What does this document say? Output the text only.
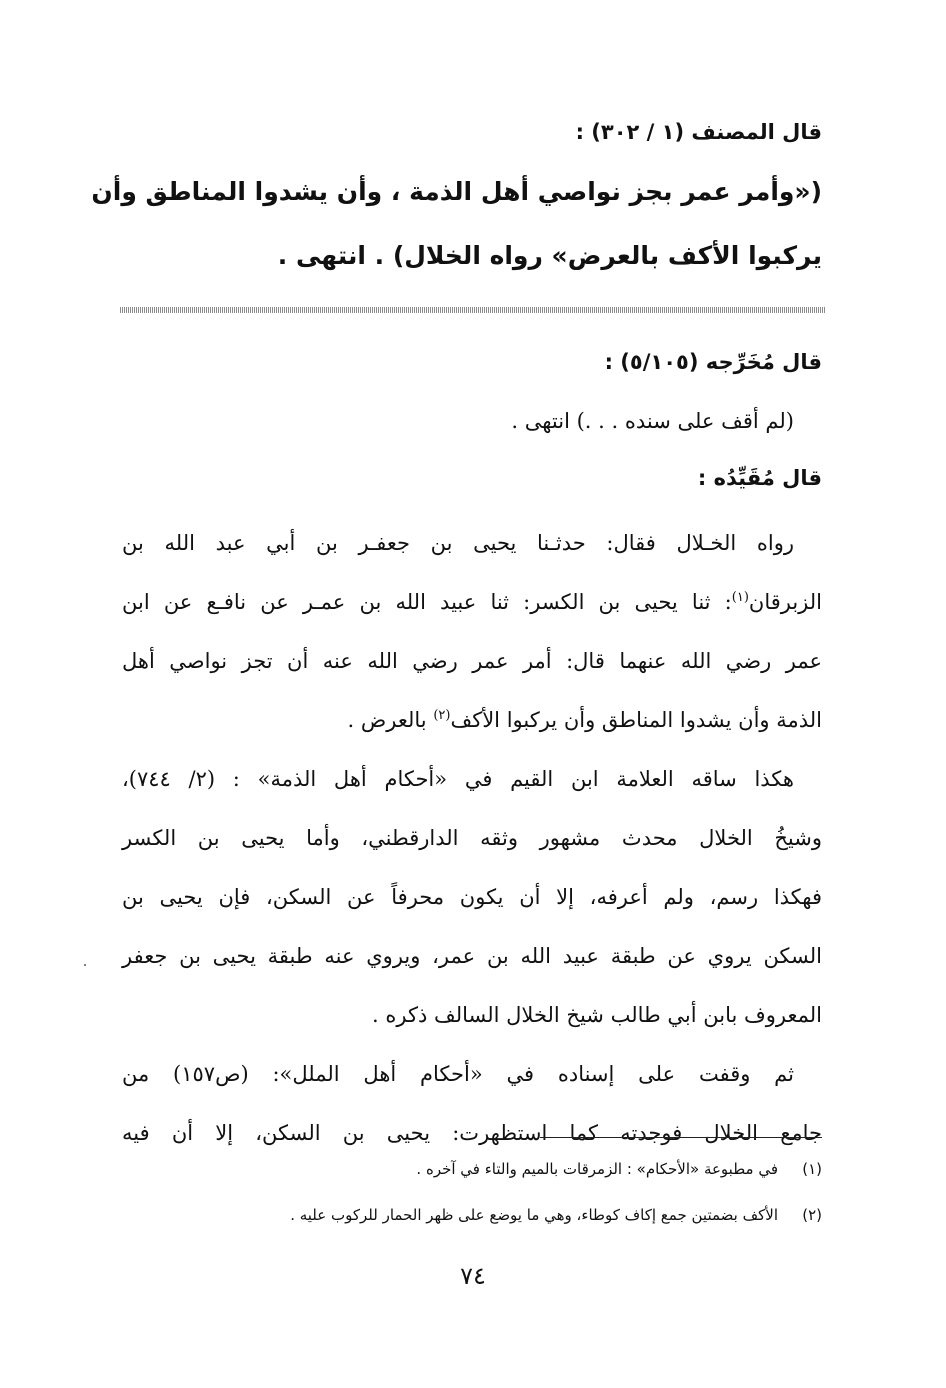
قال المصنف (١ / ٣٠٢) :
(«وأمر عمر بجز نواصي أهل الذمة ، وأن يشدوا المناطق وأن
يركبوا الأكف بالعرض» رواه الخلال) . انتهى .
قال مُخَرِّجه (٥/١٠٥) :
(لم أقف على سنده . . .) انتهى .
قال مُقَيِّدُه :
رواه الخـلال فقال: حدثـنا يحيى بن جعفـر بن أبي عبد الله بن
الزبرقان$^{(١)}$: ثنا يحيى بن الكسر: ثنا عبيد الله بن عمـر عن نافـع عن ابن
عمر رضي الله عنهما قال: أمر عمر رضي الله عنه أن تجز نواصي أهل
الذمة وأن يشدوا المناطق وأن يركبوا الأكف$^{(٢)}$ بالعرض .
هكذا ساقه العلامة ابن القيم في «أحكام أهل الذمة» : (٢/ ٧٤٤)،
وشيخُ الخلال محدث مشهور وثقه الدارقطني، وأما يحيى بن الكسر
فهكذا رسم، ولم أعرفه، إلا أن يكون محرفاً عن السكن، فإن يحيى بن
السكن يروي عن طبقة عبيد الله بن عمر، ويروي عنه طبقة يحيى بن جعفر
المعروف بابن أبي طالب شيخ الخلال السالف ذكره .
ثم وقفت على إسناده في «أحكام أهل الملل»: (ص١٥٧) من
جامع الخلال فوجدته كما استظهرت: يحيى بن السكن، إلا أن فيه
(١)في مطبوعة «الأحكام» : الزمرقات بالميم والتاء في آخره .
(٢)الأكف بضمتين جمع إكاف كوطاء، وهي ما يوضع على ظهر الحمار للركوب عليه .
٧٤
